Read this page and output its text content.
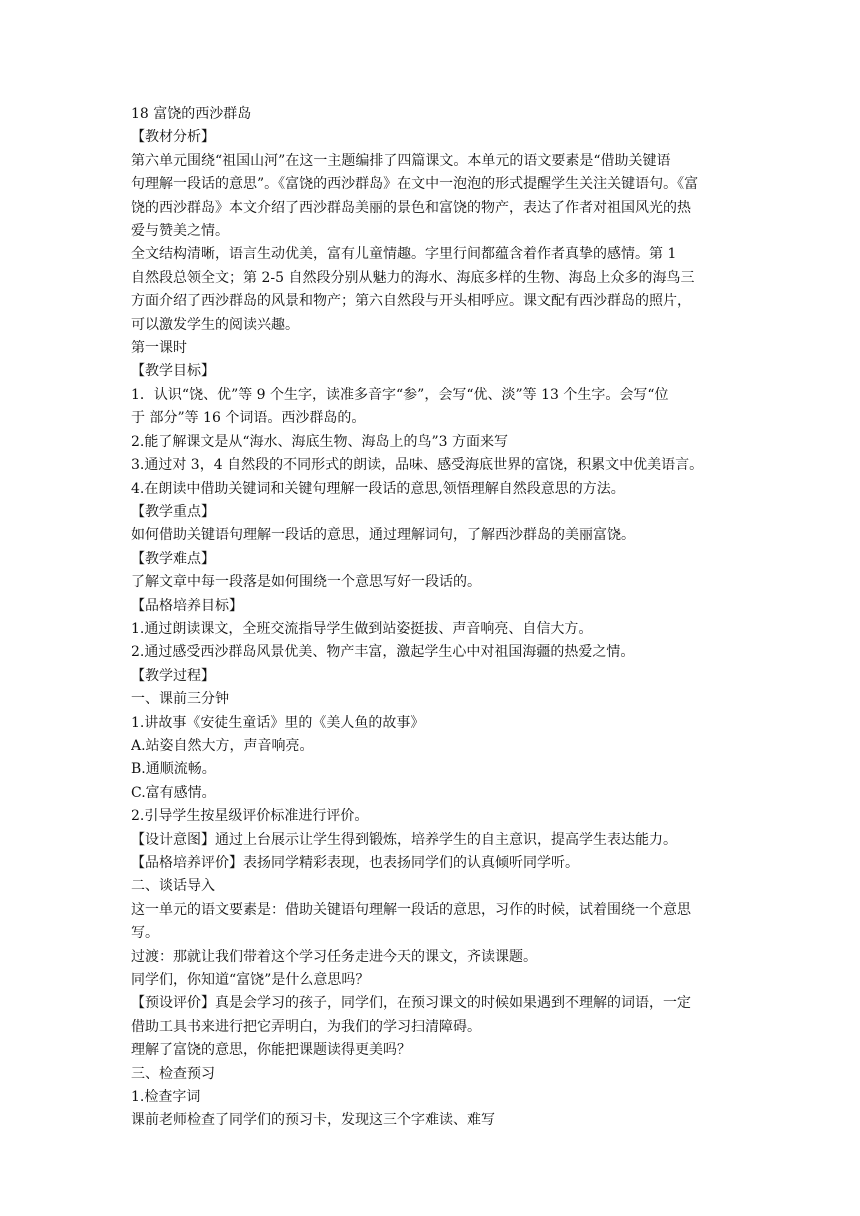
18 富饶的西沙群岛
【教材分析】
第六单元围绕“祖国山河”在这一主题编排了四篇课文。本单元的语文要素是“借助关键语
句理解一段话的意思”。《富饶的西沙群岛》在文中一泡泡的形式提醒学生关注关键语句。《富
饶的西沙群岛》本文介绍了西沙群岛美丽的景色和富饶的物产，表达了作者对祖国风光的热
爱与赞美之情。
全文结构清晰，语言生动优美，富有儿童情趣。字里行间都蕴含着作者真挚的感情。第 1
自然段总领全文；第 2-5 自然段分别从魅力的海水、海底多样的生物、海岛上众多的海鸟三
方面介绍了西沙群岛的风景和物产；第六自然段与开头相呼应。课文配有西沙群岛的照片，
可以激发学生的阅读兴趣。
第一课时
【教学目标】
1．认识“饶、优”等 9 个生字，读准多音字“参”，会写“优、淡”等 13 个生字。会写“位
于 部分”等 16 个词语。西沙群岛的。
2.能了解课文是从“海水、海底生物、海岛上的鸟”3 方面来写
3.通过对 3，4 自然段的不同形式的朗读，品味、感受海底世界的富饶，积累文中优美语言。
4.在朗读中借助关键词和关键句理解一段话的意思,领悟理解自然段意思的方法。
【教学重点】
如何借助关键语句理解一段话的意思，通过理解词句，了解西沙群岛的美丽富饶。
【教学难点】
了解文章中每一段落是如何围绕一个意思写好一段话的。
【品格培养目标】
1.通过朗读课文，全班交流指导学生做到站姿挺拔、声音响亮、自信大方。
2.通过感受西沙群岛风景优美、物产丰富，激起学生心中对祖国海疆的热爱之情。
【教学过程】
一、课前三分钟
1.讲故事《安徒生童话》里的《美人鱼的故事》
A.站姿自然大方，声音响亮。
B.通顺流畅。
C.富有感情。
2.引导学生按星级评价标准进行评价。
【设计意图】通过上台展示让学生得到锻炼，培养学生的自主意识，提高学生表达能力。
【品格培养评价】表扬同学精彩表现，也表扬同学们的认真倾听同学听。
二、谈话导入
这一单元的语文要素是：借助关键语句理解一段话的意思，习作的时候，试着围绕一个意思
写。
过渡：那就让我们带着这个学习任务走进今天的课文，齐读课题。
同学们，你知道“富饶”是什么意思吗？
【预设评价】真是会学习的孩子，同学们，在预习课文的时候如果遇到不理解的词语，一定
借助工具书来进行把它弄明白，为我们的学习扫清障碍。
理解了富饶的意思，你能把课题读得更美吗？
三、检查预习
1.检查字词
课前老师检查了同学们的预习卡，发现这三个字难读、难写
